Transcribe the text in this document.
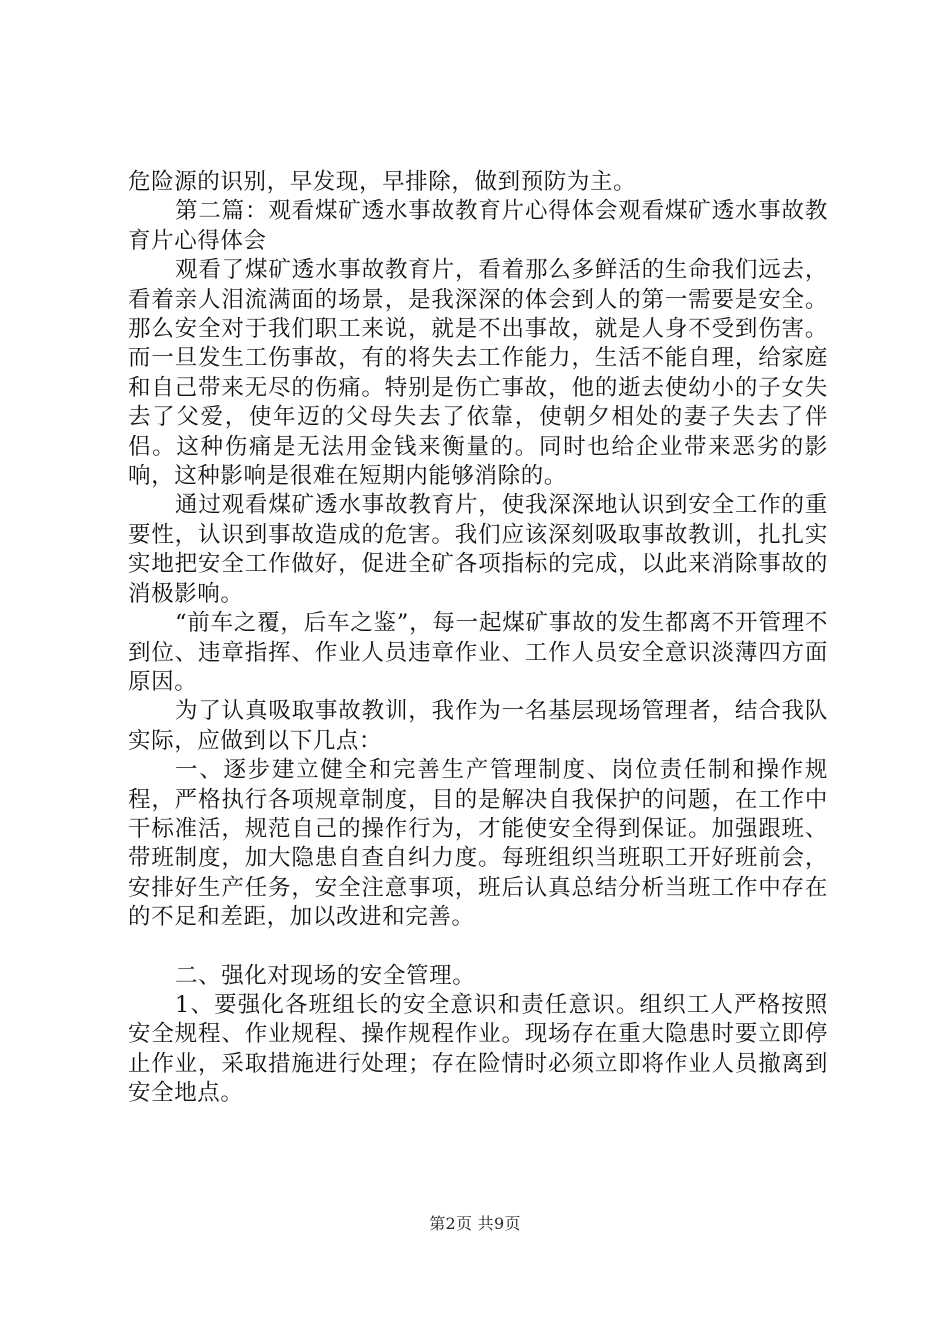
危险源的识别，早发现，早排除，做到预防为主。

第二篇：观看煤矿透水事故教育片心得体会观看煤矿透水事故教育片心得体会

观看了煤矿透水事故教育片，看着那么多鲜活的生命我们远去，看着亲人泪流满面的场景，是我深深的体会到人的第一需要是安全。那么安全对于我们职工来说，就是不出事故，就是人身不受到伤害。而一旦发生工伤事故，有的将失去工作能力，生活不能自理，给家庭和自己带来无尽的伤痛。特别是伤亡事故，他的逝去使幼小的子女失去了父爱，使年迈的父母失去了依靠，使朝夕相处的妻子失去了伴侣。这种伤痛是无法用金钱来衡量的。同时也给企业带来恶劣的影响，这种影响是很难在短期内能够消除的。

通过观看煤矿透水事故教育片，使我深深地认识到安全工作的重要性，认识到事故造成的危害。我们应该深刻吸取事故教训，扎扎实实地把安全工作做好，促进全矿各项指标的完成，以此来消除事故的消极影响。

“前车之覆，后车之鉴”，每一起煤矿事故的发生都离不开管理不到位、违章指挥、作业人员违章作业、工作人员安全意识淡薄四方面原因。

为了认真吸取事故教训，我作为一名基层现场管理者，结合我队实际，应做到以下几点：

一、逐步建立健全和完善生产管理制度、岗位责任制和操作规程，严格执行各项规章制度，目的是解决自我保护的问题，在工作中干标准活，规范自己的操作行为，才能使安全得到保证。加强跟班、带班制度，加大隐患自查自纠力度。每班组织当班职工开好班前会，安排好生产任务，安全注意事项，班后认真总结分析当班工作中存在的不足和差距，加以改进和完善。

二、强化对现场的安全管理。

1、要强化各班组长的安全意识和责任意识。组织工人严格按照安全规程、作业规程、操作规程作业。现场存在重大隐患时要立即停止作业，采取措施进行处理；存在险情时必须立即将作业人员撤离到安全地点。

第2页 共9页
